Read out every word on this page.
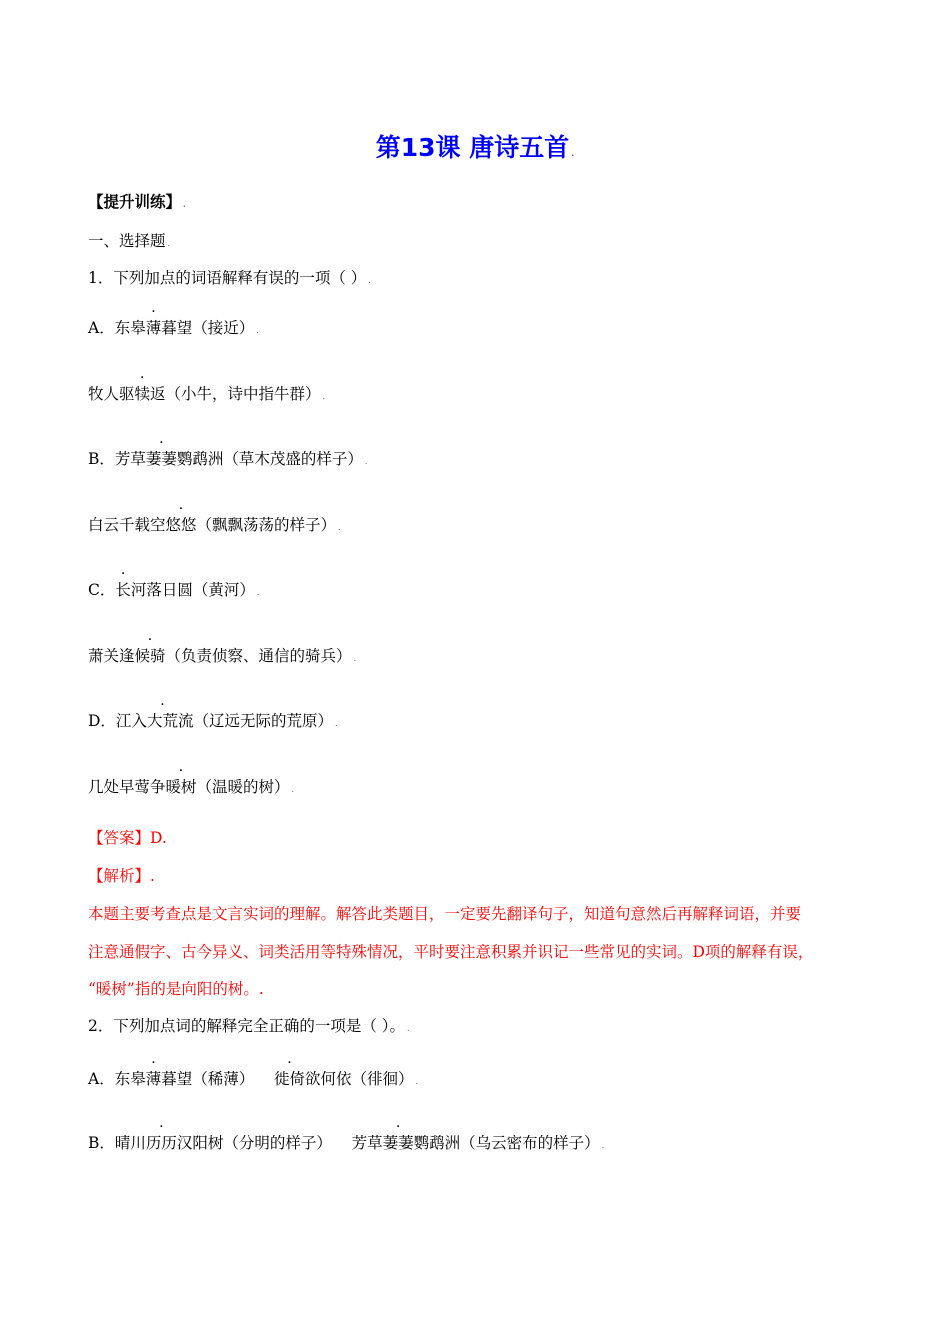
第13课 唐诗五首 .
【提升训练】 .
一、选择题 .
1．下列加点的词语解释有误的一项（ ） .
A．东皋薄暮望（接近） .
牧人驱犊返（小牛，诗中指牛群） .
B．芳草萋萋鹦鹉洲（草木茂盛的样子） .
白云千载空悠悠（飘飘荡荡的样子） .
C．长河落日圆（黄河） .
萧关逢候骑（负责侦察、通信的骑兵） .
D．江入大荒流（辽远无际的荒原） .
几处早莺争暖树（温暖的树） .
【答案】D.
【解析】.
本题主要考查点是文言实词的理解。解答此类题目，一定要先翻译句子，知道句意然后再解释词语，并要
注意通假字、古今异义、词类活用等特殊情况，平时要注意积累并识记一些常见的实词。D项的解释有误，
“暖树”指的是向阳的树。.
2．下列加点词的解释完全正确的一项是（ ）。 .
A．东皋薄暮望（稀薄）    徙倚欲何依（徘徊） .
B．晴川历历汉阳树（分明的样子）    芳草萋萋鹦鹉洲（乌云密布的样子） .
